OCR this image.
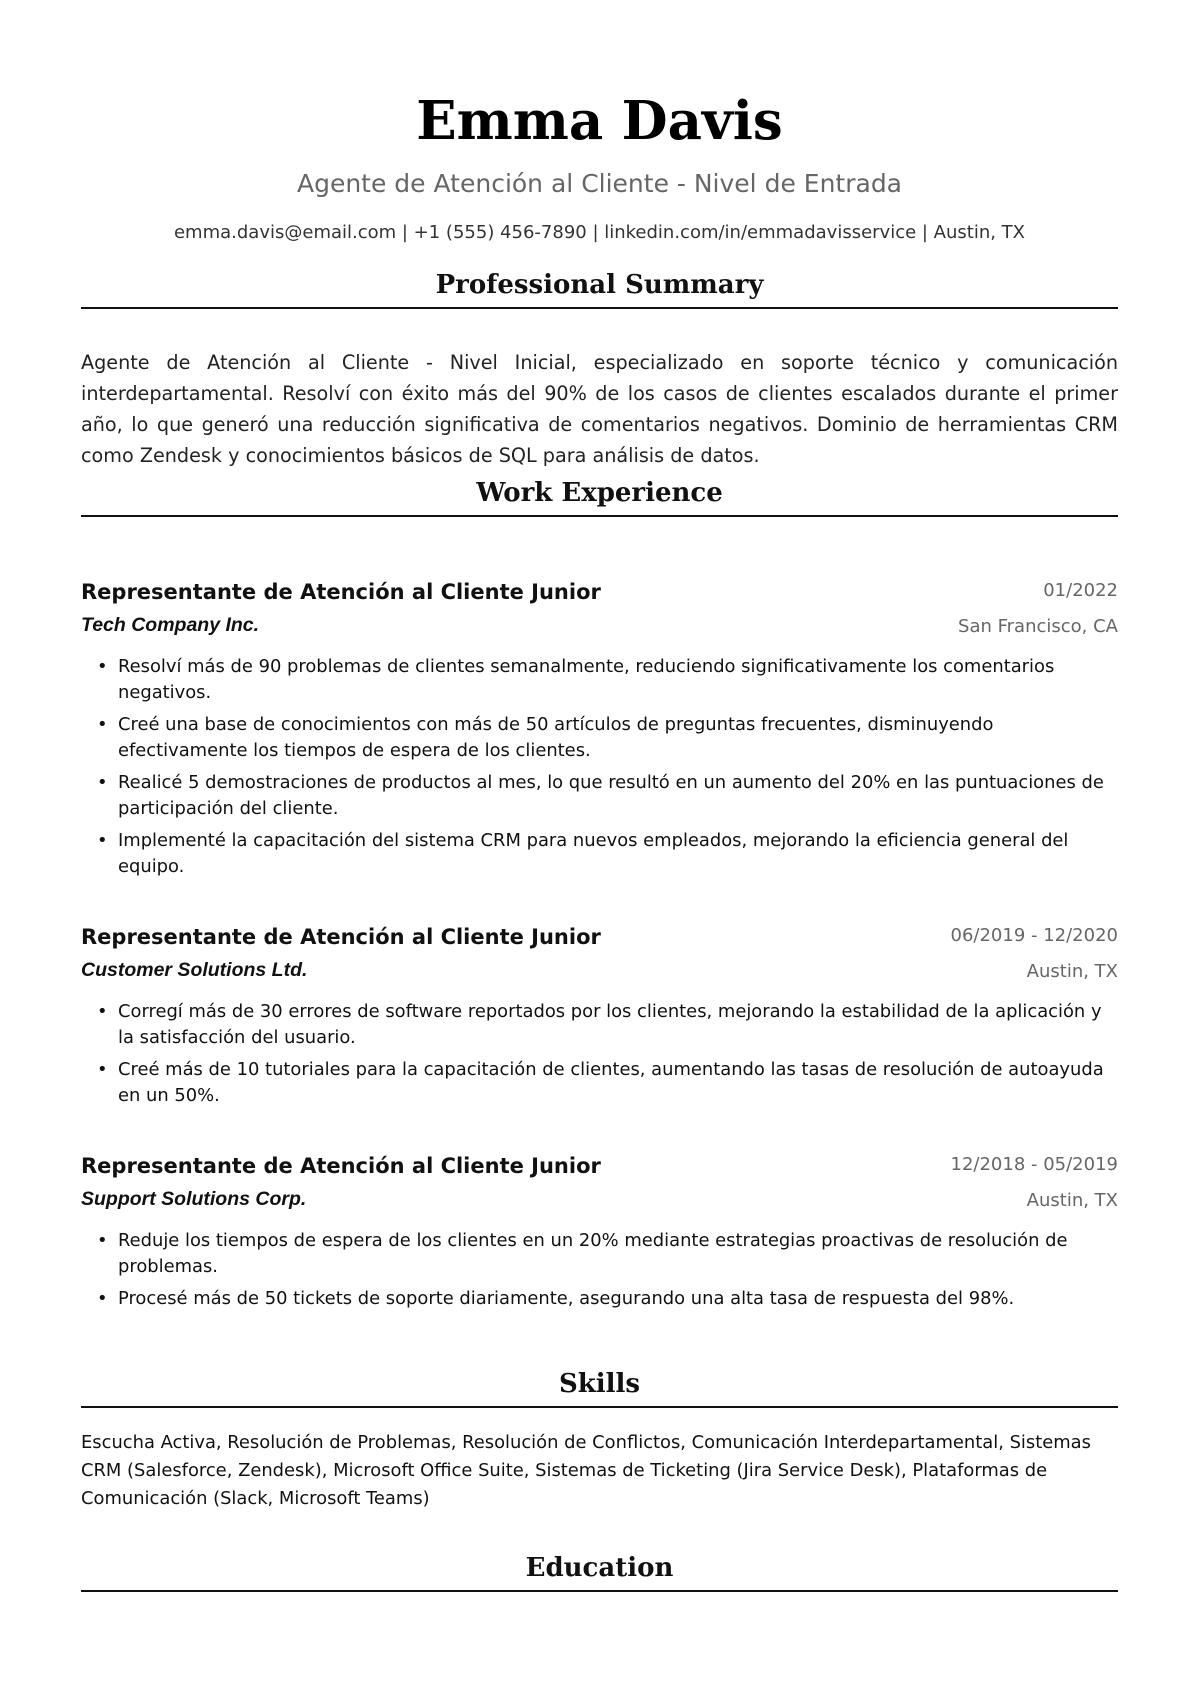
Emma Davis
Agente de Atención al Cliente - Nivel de Entrada
emma.davis@email.com | +1 (555) 456-7890 | linkedin.com/in/emmadavisservice | Austin, TX
Professional Summary
Agente de Atención al Cliente - Nivel Inicial, especializado en soporte técnico y comunicación interdepartamental. Resolví con éxito más del 90% de los casos de clientes escalados durante el primer año, lo que generó una reducción significativa de comentarios negativos. Dominio de herramientas CRM como Zendesk y conocimientos básicos de SQL para análisis de datos.
Work Experience
Representante de Atención al Cliente Junior	01/2022
Tech Company Inc.	San Francisco, CA
• Resolví más de 90 problemas de clientes semanalmente, reduciendo significativamente los comentarios negativos.
• Creé una base de conocimientos con más de 50 artículos de preguntas frecuentes, disminuyendo efectivamente los tiempos de espera de los clientes.
• Realicé 5 demostraciones de productos al mes, lo que resultó en un aumento del 20% en las puntuaciones de participación del cliente.
• Implementé la capacitación del sistema CRM para nuevos empleados, mejorando la eficiencia general del equipo.
Representante de Atención al Cliente Junior	06/2019 - 12/2020
Customer Solutions Ltd.	Austin, TX
• Corregí más de 30 errores de software reportados por los clientes, mejorando la estabilidad de la aplicación y la satisfacción del usuario.
• Creé más de 10 tutoriales para la capacitación de clientes, aumentando las tasas de resolución de autoayuda en un 50%.
Representante de Atención al Cliente Junior	12/2018 - 05/2019
Support Solutions Corp.	Austin, TX
• Reduje los tiempos de espera de los clientes en un 20% mediante estrategias proactivas de resolución de problemas.
• Procesé más de 50 tickets de soporte diariamente, asegurando una alta tasa de respuesta del 98%.
Skills
Escucha Activa, Resolución de Problemas, Resolución de Conflictos, Comunicación Interdepartamental, Sistemas CRM (Salesforce, Zendesk), Microsoft Office Suite, Sistemas de Ticketing (Jira Service Desk), Plataformas de Comunicación (Slack, Microsoft Teams)
Education
